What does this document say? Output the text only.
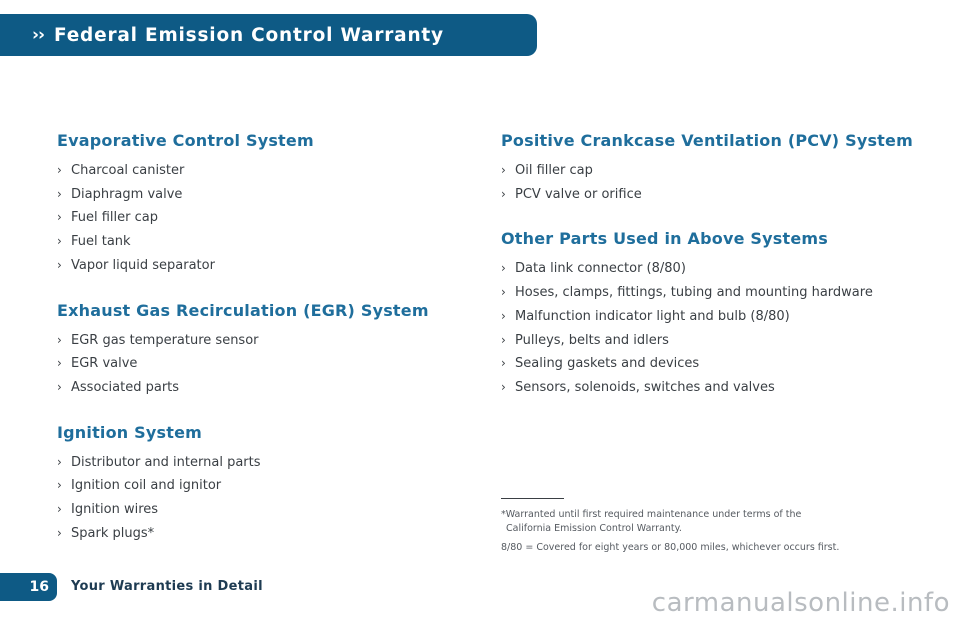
›› Federal Emission Control Warranty
Evaporative Control System
› Charcoal canister
› Diaphragm valve
› Fuel filler cap
› Fuel tank
› Vapor liquid separator
Exhaust Gas Recirculation (EGR) System
› EGR gas temperature sensor
› EGR valve
› Associated parts
Ignition System
› Distributor and internal parts
› Ignition coil and ignitor
› Ignition wires
› Spark plugs*
Positive Crankcase Ventilation (PCV) System
› Oil filler cap
› PCV valve or orifice
Other Parts Used in Above Systems
› Data link connector (8/80)
› Hoses, clamps, fittings, tubing and mounting hardware
› Malfunction indicator light and bulb (8/80)
› Pulleys, belts and idlers
› Sealing gaskets and devices
› Sensors, solenoids, switches and valves
*Warranted until first required maintenance under terms of the
California Emission Control Warranty.
8/80 = Covered for eight years or 80,000 miles, whichever occurs first.
16	Your Warranties in Detail
carmanualsonline.info
